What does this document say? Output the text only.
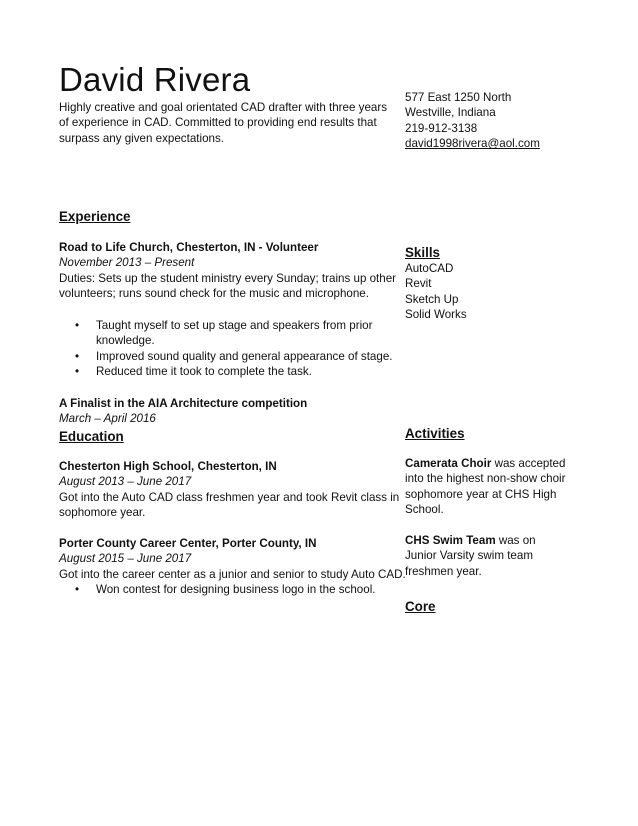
David Rivera
Highly creative and goal orientated CAD drafter with three years of experience in CAD. Committed to providing end results that surpass any given expectations.
577 East 1250 North
Westville, Indiana
219-912-3138
david1998rivera@aol.com
Experience
Road to Life Church, Chesterton, IN - Volunteer
November 2013 – Present
Duties: Sets up the student ministry every Sunday; trains up other volunteers; runs sound check for the music and microphone.
• Taught myself to set up stage and speakers from prior knowledge.
• Improved sound quality and general appearance of stage.
• Reduced time it took to complete the task.
A Finalist in the AIA Architecture competition
March – April 2016
Education
Chesterton High School, Chesterton, IN
August 2013 – June 2017
Got into the Auto CAD class freshmen year and took Revit class in sophomore year.
Porter County Career Center, Porter County, IN
August 2015 – June 2017
Got into the career center as a junior and senior to study Auto CAD.
• Won contest for designing business logo in the school.
Skills
AutoCAD
Revit
Sketch Up
Solid Works
Activities
Camerata Choir was accepted into the highest non-show choir sophomore year at CHS High School.
CHS Swim Team was on Junior Varsity swim team freshmen year.
Core
